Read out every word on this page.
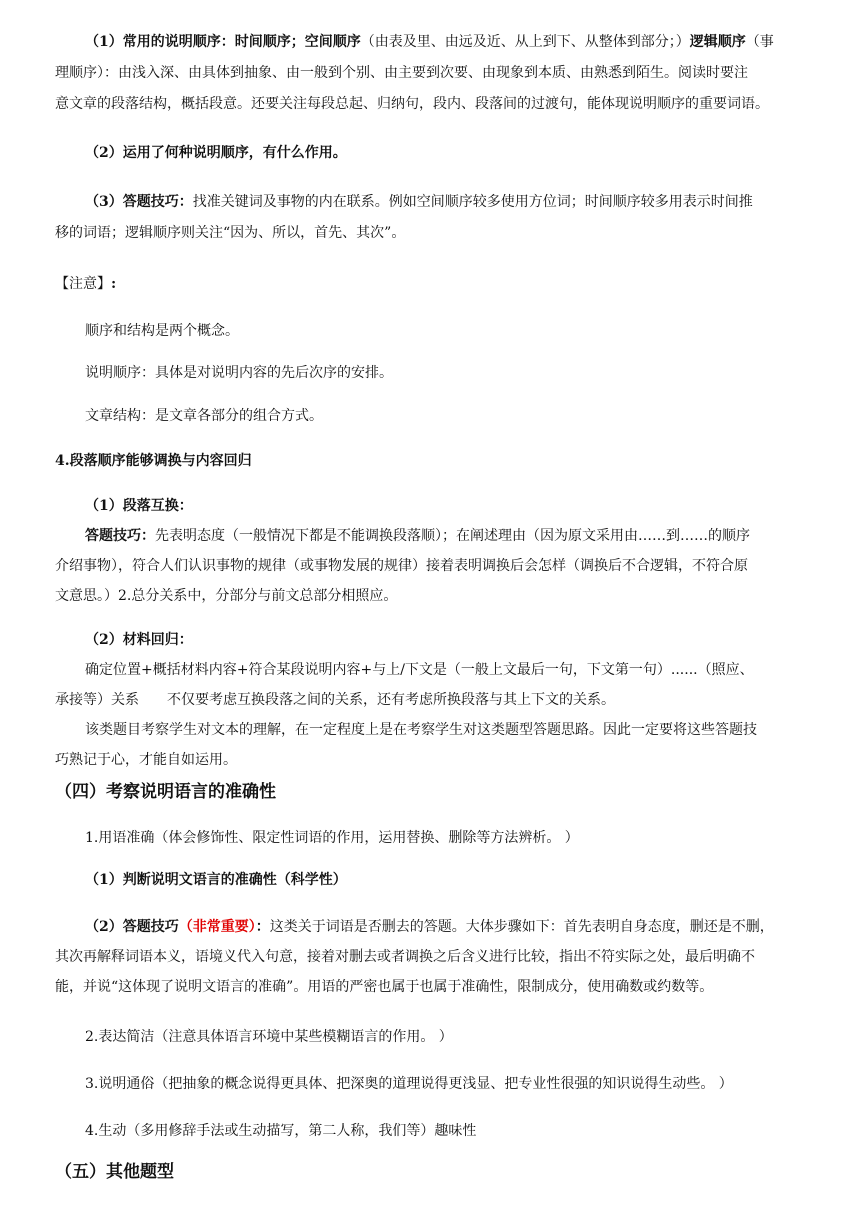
（1）常用的说明顺序：时间顺序；空间顺序（由表及里、由远及近、从上到下、从整体到部分；）逻辑顺序（事
理顺序）：由浅入深、由具体到抽象、由一般到个别、由主要到次要、由现象到本质、由熟悉到陌生。阅读时要注
意文章的段落结构，概括段意。还要关注每段总起、归纳句，段内、段落间的过渡句，能体现说明顺序的重要词语。
（2）运用了何种说明顺序，有什么作用。
（3）答题技巧：找准关键词及事物的内在联系。例如空间顺序较多使用方位词；时间顺序较多用表示时间推
移的词语；逻辑顺序则关注“因为、所以，首先、其次”。
【注意】:
顺序和结构是两个概念。
说明顺序：具体是对说明内容的先后次序的安排。
文章结构：是文章各部分的组合方式。
4.段落顺序能够调换与内容回归
（1）段落互换：
答题技巧：先表明态度（一般情况下都是不能调换段落顺）；在阐述理由（因为原文采用由……到……的顺序
介绍事物），符合人们认识事物的规律（或事物发展的规律）接着表明调换后会怎样（调换后不合逻辑，不符合原
文意思。）2.总分关系中，分部分与前文总部分相照应。
（2）材料回归：
确定位置+概括材料内容+符合某段说明内容+与上/下文是（一般上文最后一句，下文第一句）......（照应、
承接等）关系　　不仅要考虑互换段落之间的关系，还有考虑所换段落与其上下文的关系。
该类题目考察学生对文本的理解，在一定程度上是在考察学生对这类题型答题思路。因此一定要将这些答题技
巧熟记于心，才能自如运用。
（四）考察说明语言的准确性
1.用语准确（体会修饰性、限定性词语的作用，运用替换、删除等方法辨析。 ）
（1）判断说明文语言的准确性（科学性）
（2）答题技巧（非常重要）：这类关于词语是否删去的答题。大体步骤如下：首先表明自身态度，删还是不删，
其次再解释词语本义，语境义代入句意，接着对删去或者调换之后含义进行比较，指出不符实际之处，最后明确不
能，并说“这体现了说明文语言的准确”。用语的严密也属于也属于准确性，限制成分，使用确数或约数等。
2.表达简洁（注意具体语言环境中某些模糊语言的作用。 ）
3.说明通俗（把抽象的概念说得更具体、把深奥的道理说得更浅显、把专业性很强的知识说得生动些。 ）
4.生动（多用修辞手法或生动描写，第二人称，我们等）趣味性
（五）其他题型
